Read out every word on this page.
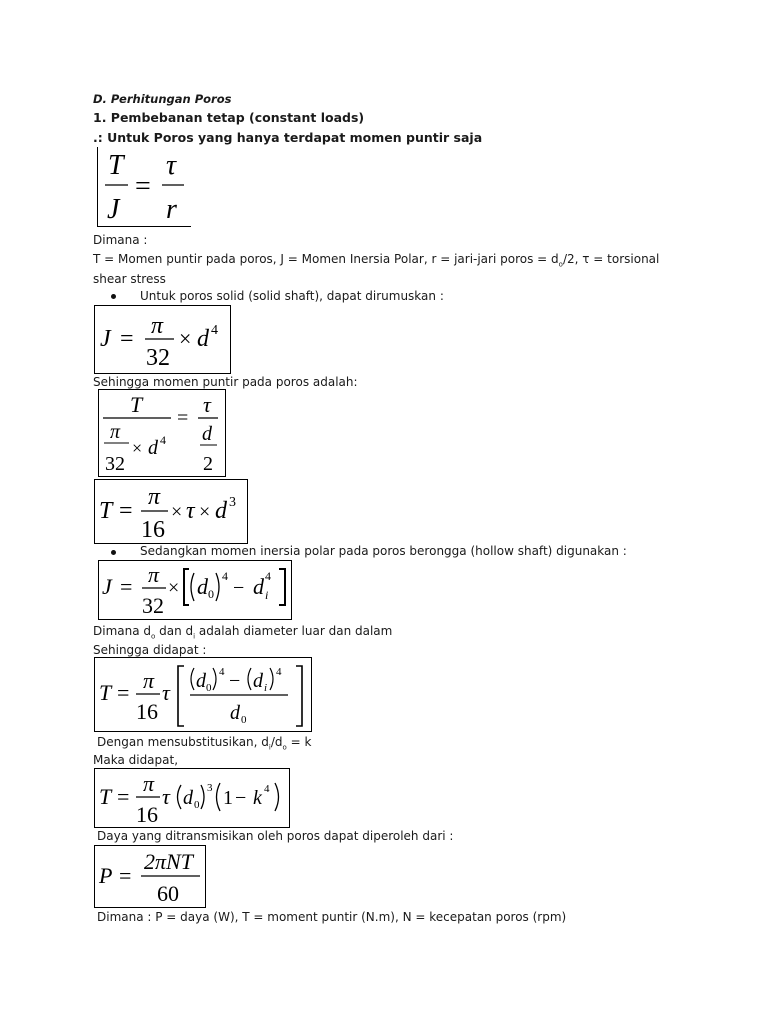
D. Perhitungan Poros
1. Pembebanan tetap (constant loads)
.: Untuk Poros yang hanya terdapat momen puntir saja
T
J
=
τ
r
Dimana :
T = Momen puntir pada poros, J = Momen Inersia Polar, r = jari-jari poros = $d_o/2$, τ = torsional
shear stress
Untuk poros solid (solid shaft), dapat dirumuskan :
J = π
32
× d 4
Sehingga momen puntir pada poros adalah:
T
π
32
× d 4
=
τ
d
2
T =
π
16
× τ × d 3
Sedangkan momen inersia polar pada poros berongga (hollow shaft) digunakan :
J = π
32
× d 0
4
− d i
4
Dimana $d_o$ dan $d_i$ adalah diameter luar dan dalam
Sehingga didapat :
T = π
16
τ d 0
4 − d i
4
d 0
Dengan mensubstitusikan, $d_i/d_o = k$
Maka didapat,
T =
π
16
τ d 0
3 1 − k 4
Daya yang ditransmisikan oleh poros dapat diperoleh dari :
P =
2πNT
60
Dimana : P = daya (W), T = moment puntir (N.m), N = kecepatan poros (rpm)
